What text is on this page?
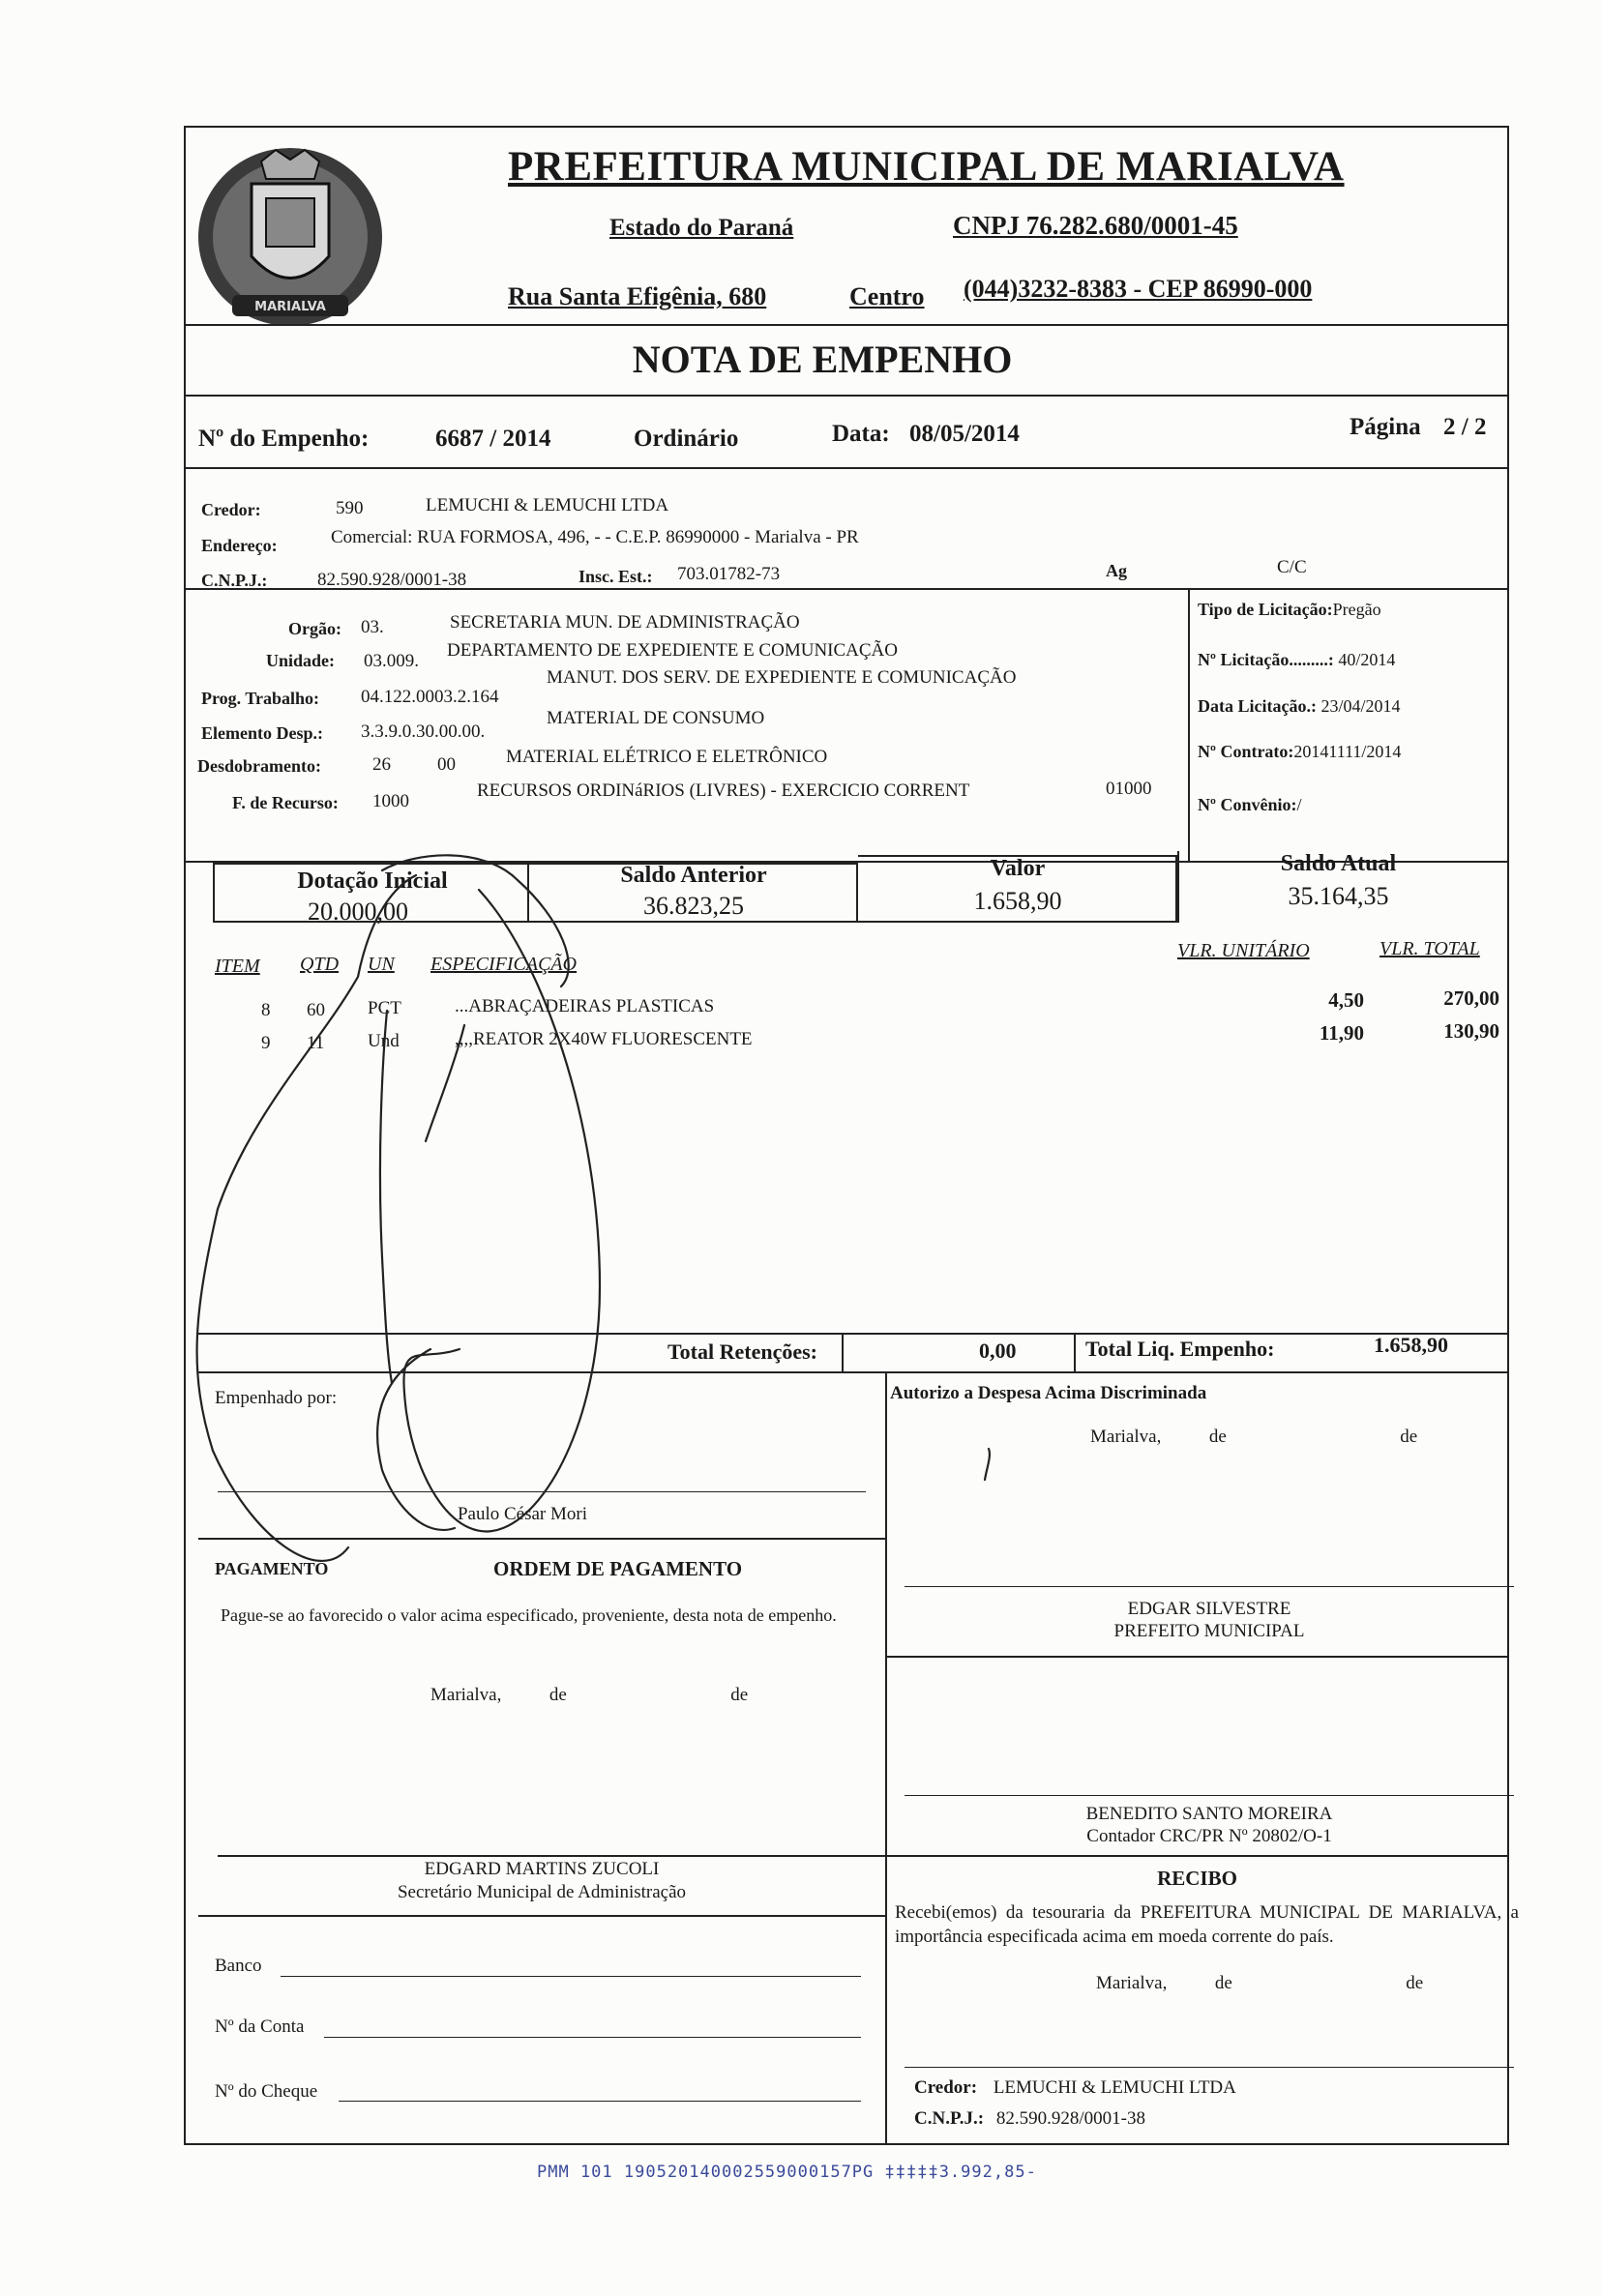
MARIALVA
PREFEITURA MUNICIPAL DE MARIALVA
Estado do Paraná	CNPJ 76.282.680/0001-45
Rua Santa Efigênia, 680	Centro (044)3232-8383 - CEP 86990-000
NOTA DE EMPENHO
Nº do Empenho:	6687 / 2014	Ordinário	Data: 08/05/2014	Página 2 / 2
Credor:	590	LEMUCHI & LEMUCHI LTDA
Endereço:	Comercial: RUA FORMOSA, 496, - - C.E.P. 86990000 - Marialva - PR
C.N.P.J.:	82.590.928/0001-38	Insc. Est.: 703.01782-73	Ag	C/C
Orgão: 03.	SECRETARIA MUN. DE ADMINISTRAÇÃO
Unidade: 03.009.
DEPARTAMENTO DE EXPEDIENTE E COMUNICAÇÃO
Prog. Trabalho: 04.122.0003.2.164
MANUT. DOS SERV. DE EXPEDIENTE E COMUNICAÇÃO
Elemento Desp.: 3.3.9.0.30.00.00.
MATERIAL DE CONSUMO
Desdobramento:	26	00	MATERIAL ELÉTRICO E ELETRÔNICO
F. de Recurso: 1000
RECURSOS ORDINáRIOS (LIVRES) - EXERCICIO CORRENT	01000
Tipo de Licitação:Pregão
Nº Licitação.........: 40/2014
Data Licitação.: 23/04/2014
Nº Contrato:20141111/2014
Nº Convênio:/
Dotação Inicial
20.000,00
Saldo Anterior
36.823,25
Valor
1.658,90
Saldo Atual
35.164,35
ITEM QTD UN ESPECIFICAÇÃO
VLR. UNITÁRIO	VLR. TOTAL
8 60 PCT	...ABRAÇADEIRAS PLASTICAS	4,50	270,00
9 11 Und	,,,,REATOR 2X40W FLUORESCENTE	11,90	130,90
Total Retenções:	0,00	Total Liq. Empenho:	1.658,90
Empenhado por:
Paulo César Mori
PAGAMENTO	ORDEM DE PAGAMENTO
Pague-se ao favorecido o valor acima especificado, proveniente, desta nota de empenho.
Marialva,	de	de
EDGARD MARTINS ZUCOLI
Secretário Municipal de Administração
Banco
Nº da Conta
Nº do Cheque
Autorizo a Despesa Acima Discriminada
Marialva,	de	de
EDGAR SILVESTRE
PREFEITO MUNICIPAL
BENEDITO SANTO MOREIRA
Contador CRC/PR Nº 20802/O-1
RECIBO
Recebi(emos) da tesouraria da PREFEITURA MUNICIPAL DE MARIALVA, a importância especificada acima em moeda corrente do país.
Marialva,	de	de
Credor: LEMUCHI & LEMUCHI LTDA
C.N.P.J.: 82.590.928/0001-38
PMM 101 190520140002559000157PG ‡‡‡‡‡3.992,85-
